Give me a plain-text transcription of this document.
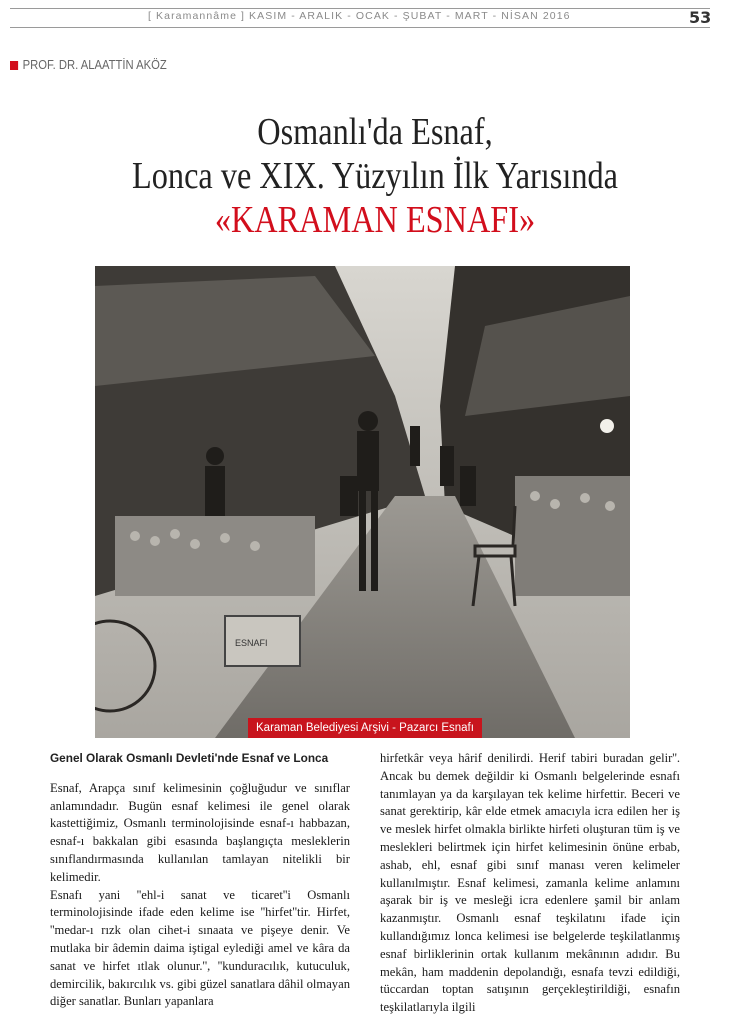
[ Karamannâme ] KASIM - ARALIK - OCAK - ŞUBAT - MART - NİSAN 2016	53
PROF. DR. ALAATTİN AKÖZ
Osmanlı'da Esnaf,
Lonca ve XIX. Yüzyılın İlk Yarısında
«KARAMAN ESNAFI»
ESNAFI
Karaman Belediyesi Arşivi - Pazarcı Esnafı

Genel Olarak Osmanlı Devleti'nde Esnaf ve Lonca

Esnaf, Arapça sınıf kelimesinin çoğluğudur ve sınıflar anlamındadır. Bugün esnaf kelimesi ile genel olarak kastettiğimiz, Osmanlı terminolojisinde esnaf-ı habbazan, esnaf-ı bakkalan gibi esasında başlangıçta mesleklerin sınıflandırmasında kullanılan tamlayan nitelikli bir kelimedir.

Esnafı yani ''ehl-i sanat ve ticaret''i Osmanlı terminolojisinde ifade eden kelime ise ''hirfet''tir. Hirfet, ''medar-ı rızk olan cihet-i sınaata ve pişeye denir. Ve mutlaka bir âdemin daima iştigal eylediği amel ve kâra da sanat ve hirfet ıtlak olunur.'', ''kunduracılık, kutuculuk, demircilik, bakırcılık vs. gibi güzel sanatlara dâhil olmayan diğer sanatlar. Bunları yapanlara

hirfetkâr veya hârif denilirdi. Herif tabiri buradan gelir''. Ancak bu demek değildir ki Osmanlı belgelerinde esnafı tanımlayan ya da karşılayan tek kelime hirfettir. Beceri ve sanat gerektirip, kâr elde etmek amacıyla icra edilen her iş ve meslek hirfet olmakla birlikte hirfeti oluşturan tüm iş ve meslekleri belirtmek için hirfet kelimesinin önüne erbab, ashab, ehl, esnaf gibi sınıf manası veren kelimeler kullanılmıştır. Esnaf kelimesi, zamanla kelime anlamını aşarak bir iş ve mesleği icra edenlere şamil bir anlam kazanmıştır. Osmanlı esnaf teşkilatını ifade için kullandığımız lonca kelimesi ise belgelerde teşkilatlanmış esnaf birliklerinin ortak kullanım mekânının adıdır. Bu mekân, ham maddenin depolandığı, esnafa tevzi edildiği, tüccardan toptan satışının gerçekleştirildiği, esnafın teşkilatlarıyla ilgili
